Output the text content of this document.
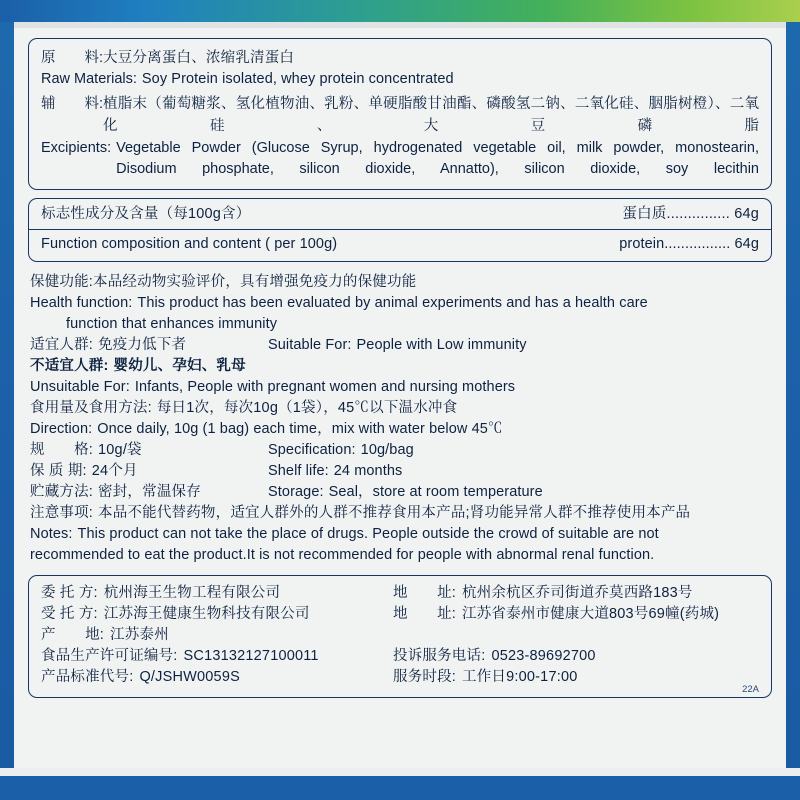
原　　料: 大豆分离蛋白、浓缩乳清蛋白
Raw Materials: Soy Protein isolated, whey protein concentrated
辅　　料: 植脂末（葡萄糖浆、氢化植物油、乳粉、单硬脂酸甘油酯、磷酸氢二钠、二氧化硅、胭脂树橙）、二氧化硅、大豆磷脂
Excipients: Vegetable Powder (Glucose Syrup, hydrogenated vegetable oil, milk powder, monostearin, Disodium phosphate, silicon dioxide, Annatto), silicon dioxide, soy lecithin
标志性成分及含量（每100g含）	蛋白质............... 64g
Function composition and content ( per 100g)	protein................ 64g
保健功能: 本品经动物实验评价，具有增强免疫力的保健功能
Health function: This product has been evaluated by animal experiments and has a health care
function that enhances immunity
适宜人群: 免疫力低下者	Suitable For: People with Low immunity
不适宜人群: 婴幼儿、孕妇、乳母
Unsuitable For: Infants, People with pregnant women and nursing mothers
食用量及食用方法: 每日1次，每次10g（1袋），45℃以下温水冲食
Direction: Once daily, 10g (1 bag) each time，mix with water below 45℃
规　　格: 10g/袋	Specification: 10g/bag
保 质 期: 24个月	Shelf life: 24 months
贮藏方法: 密封，常温保存	Storage: Seal，store at room temperature
注意事项: 本品不能代替药物，适宜人群外的人群不推荐食用本产品;肾功能异常人群不推荐使用本产品
Notes: This product can not take the place of drugs. People outside the crowd of suitable are not
recommended to eat the product.It is not recommended for people with abnormal renal function.
委 托 方: 杭州海王生物工程有限公司	地　　址: 杭州余杭区乔司街道乔莫西路183号
受 托 方: 江苏海王健康生物科技有限公司	地　　址: 江苏省泰州市健康大道803号69幢(药城)
产　　地: 江苏泰州
食品生产许可证编号: SC13132127100011	投诉服务电话: 0523-89692700
产品标准代号: Q/JSHW0059S	服务时段: 工作日9:00-17:00
22A
